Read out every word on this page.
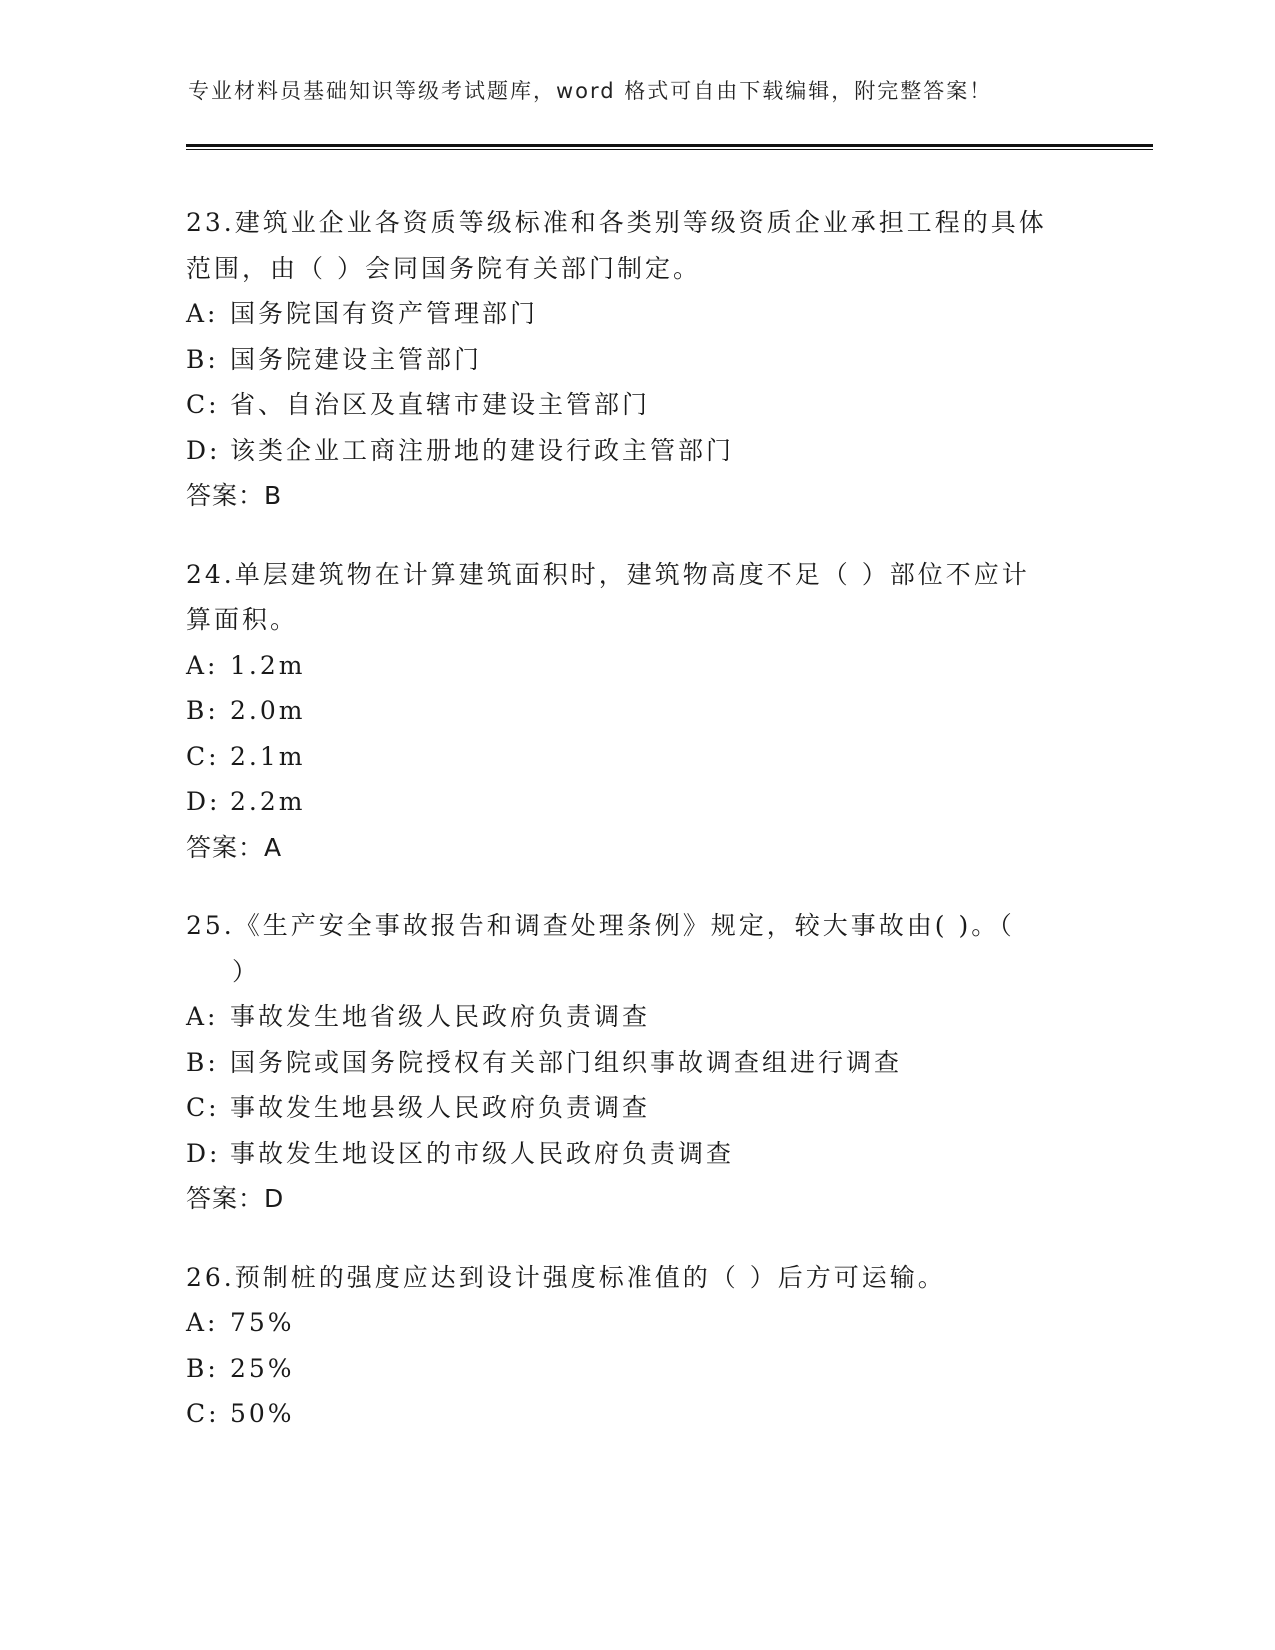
专业材料员基础知识等级考试题库，word 格式可自由下载编辑，附完整答案！
23.建筑业企业各资质等级标准和各类别等级资质企业承担工程的具体
范围，由（ ）会同国务院有关部门制定。
A: 国务院国有资产管理部门
B: 国务院建设主管部门
C: 省、自治区及直辖市建设主管部门
D: 该类企业工商注册地的建设行政主管部门
答案：B
24.单层建筑物在计算建筑面积时，建筑物高度不足（ ）部位不应计
算面积。
A: 1.2m
B: 2.0m
C: 2.1m
D: 2.2m
答案：A
25.《生产安全事故报告和调查处理条例》规定，较大事故由( )。（
）
A: 事故发生地省级人民政府负责调查
B: 国务院或国务院授权有关部门组织事故调查组进行调查
C: 事故发生地县级人民政府负责调查
D: 事故发生地设区的市级人民政府负责调查
答案：D
26.预制桩的强度应达到设计强度标准值的（ ）后方可运输。
A: 75%
B: 25%
C: 50%
